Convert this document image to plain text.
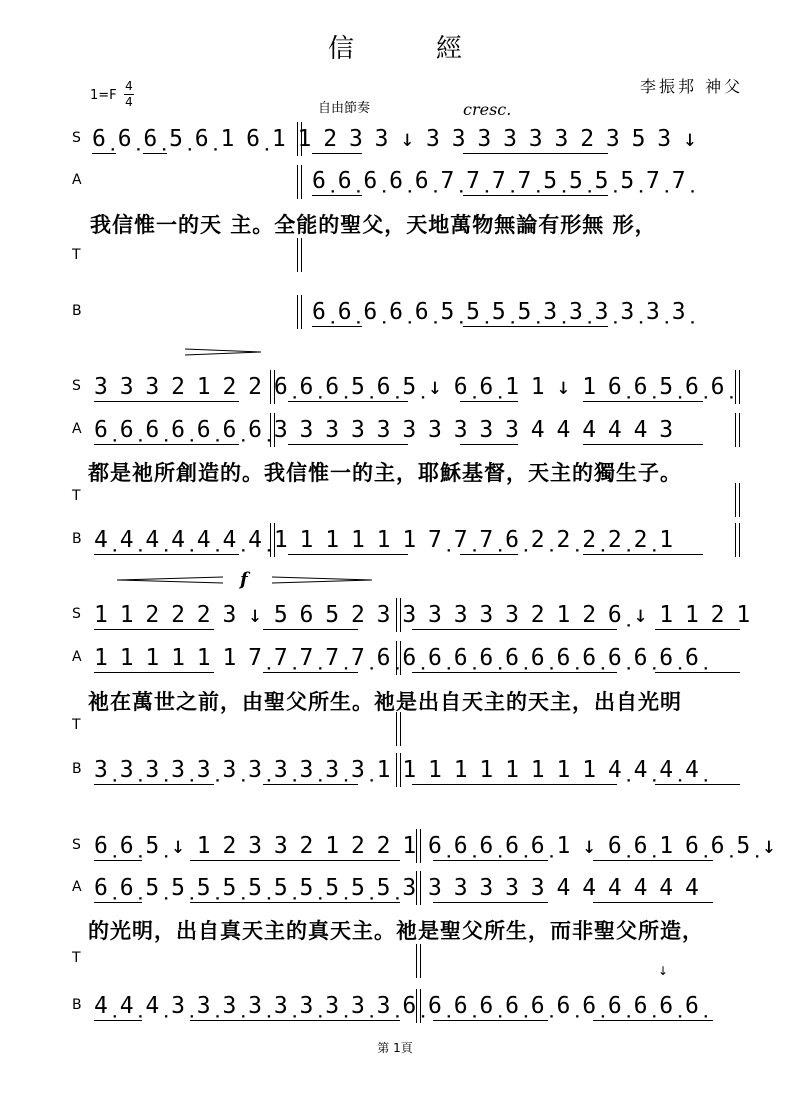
信　經
李振邦 神父
1=F
4
4	自由節奏	cresc.
S
A
T
B
6̣ 6̣ 6̣ 5̣ 6̣ 1 6̣ 1 1 2 3 3 ↓ 3 3 3 3 3 3 2 3 5 3 ↓
6̣ 6̣ 6̣ 6̣ 6̣ 7̣ 7̣ 7̣ 7̣ 5̣ 5̣ 5̣ 5̣ 7̣ 7̣
我信惟一的天 主。全能的聖父，天地萬物無論有形無 形，
6̣ 6̣ 6̣ 6̣ 6̣ 5̣ 5̣ 5̣ 5̣ 3̣ 3̣ 3̣ 3̣ 3̣ 3̣
S
A
T
B
3 3 3 2 1 2 2 6̣ 6̣ 6̣ 5̣ 6̣ 5̣ ↓ 6̣ 6̣ 1 1 ↓ 1 6̣ 6̣ 5̣ 6̣ 6̣
6̣ 6̣ 6̣ 6̣ 6̣ 6̣ 6̣ 3 3 3 3 3 3 3 3 3 3 4 4 4 4 4 3
都是祂所創造的。我信惟一的主，耶穌基督，天主的獨生子。
4̣ 4̣ 4̣ 4̣ 4̣ 4̣ 4̣ 1 1 1 1 1 1 7̣ 7̣ 7̣ 6̣ 2̣ 2̣ 2̣ 2̣ 2̣ 1
f
S
A
T
B
1 1 2 2 2 3 ↓ 5 6 5 2 3 3 3 3 3 3 2 1 2 6̣ ↓ 1 1 2 1
1 1 1 1 1 1 7̣ 7̣ 7̣ 7̣ 7̣ 6̣ 6̣ 6̣ 6̣ 6̣ 6̣ 6̣ 6̣ 6̣ 6̣ 6̣ 6̣ 6̣
祂在萬世之前，由聖父所生。祂是出自天主的天主，出自光明
3̣ 3̣ 3̣ 3̣ 3̣ 3̣ 3̣ 3̣ 3̣ 3̣ 3̣ 1 1 1 1 1 1 1 1 1 4̣ 4̣ 4̣ 4̣
S
A
T
B
6̣ 6̣ 5̣ ↓ 1 2 3 3 2 1 2 2 1 6̣ 6̣ 6̣ 6̣ 6̣ 1 ↓ 6̣ 6̣ 1 6̣ 6̣ 5̣ ↓
6̣ 6̣ 5̣ 5̣ 5̣ 5̣ 5̣ 5̣ 5̣ 5̣ 5̣ 5̣ 3 3 3 3 3 3 4 4 4 4 4 4
的光明，出自真天主的真天主。祂是聖父所生，而非聖父所造，
4̣ 4̣ 4̣ 3̣ 3̣ 3̣ 3̣ 3̣ 3̣ 3̣ 3̣ 3̣ 6̣ 6̣ 6̣ 6̣ 6̣ 6̣ 6̣ 6̣ 6̣ 6̣ 6̣ 6̣
↓
第 1頁
